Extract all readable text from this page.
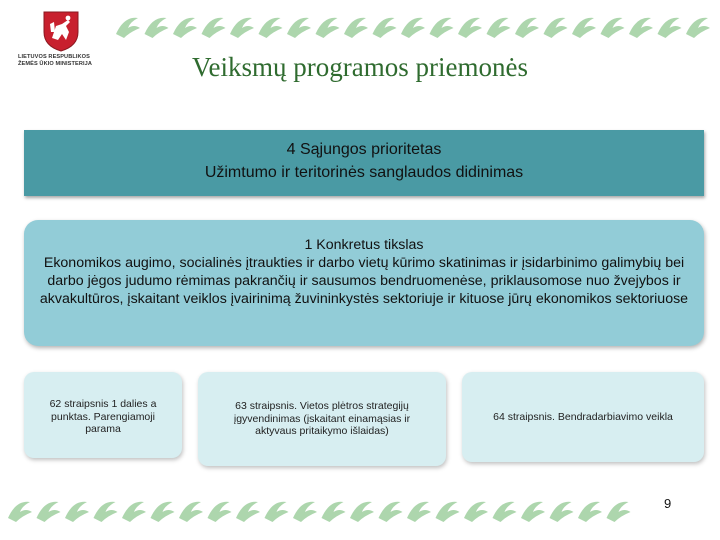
LIETUVOS RESPUBLIKOS
ŽEMĖS ŪKIO MINISTERIJA	Veiksmų programos priemonės
4 Sąjungos prioritetas
Užimtumo ir teritorinės sanglaudos didinimas
1 Konkretus tikslas
Ekonomikos augimo, socialinės įtraukties ir darbo vietų kūrimo skatinimas ir įsidarbinimo galimybių bei darbo jėgos judumo rėmimas pakrančių ir sausumos bendruomenėse, priklausomose nuo žvejybos ir akvakultūros, įskaitant veiklos įvairinimą žuvininkystės sektoriuje ir kituose jūrų ekonomikos sektoriuose
62 straipsnis 1 dalies a punktas. Parengiamoji parama
63 straipsnis. Vietos plėtros strategijų įgyvendinimas (įskaitant einamąsias ir aktyvaus pritaikymo išlaidas)
64 straipsnis. Bendradarbiavimo veikla
9
